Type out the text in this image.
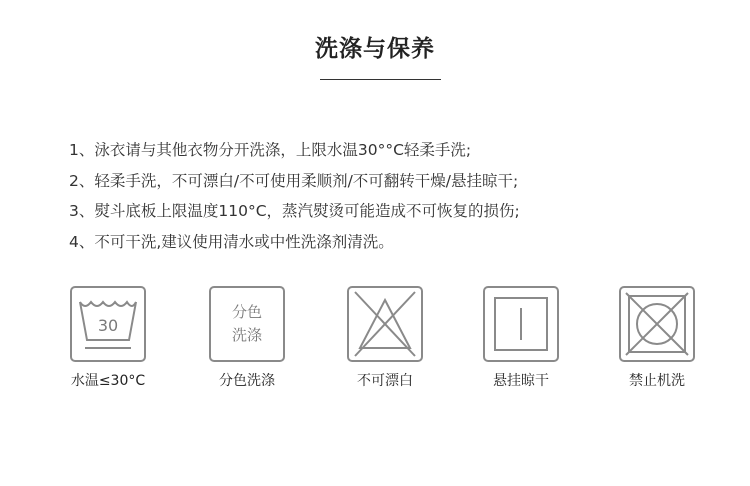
洗涤与保养
1、泳衣请与其他衣物分开洗涤，上限水温30°°C轻柔手洗;
2、轻柔手洗，不可漂白/不可使用柔顺剂/不可翻转干燥/悬挂晾干;
3、熨斗底板上限温度110°C，蒸汽熨烫可能造成不可恢复的损伤;
4、不可干洗,建议使用清水或中性洗涤剂清洗。
30
水温≤30°C
分色
洗涤
分色洗涤	不可漂白	悬挂晾干	禁止机洗
